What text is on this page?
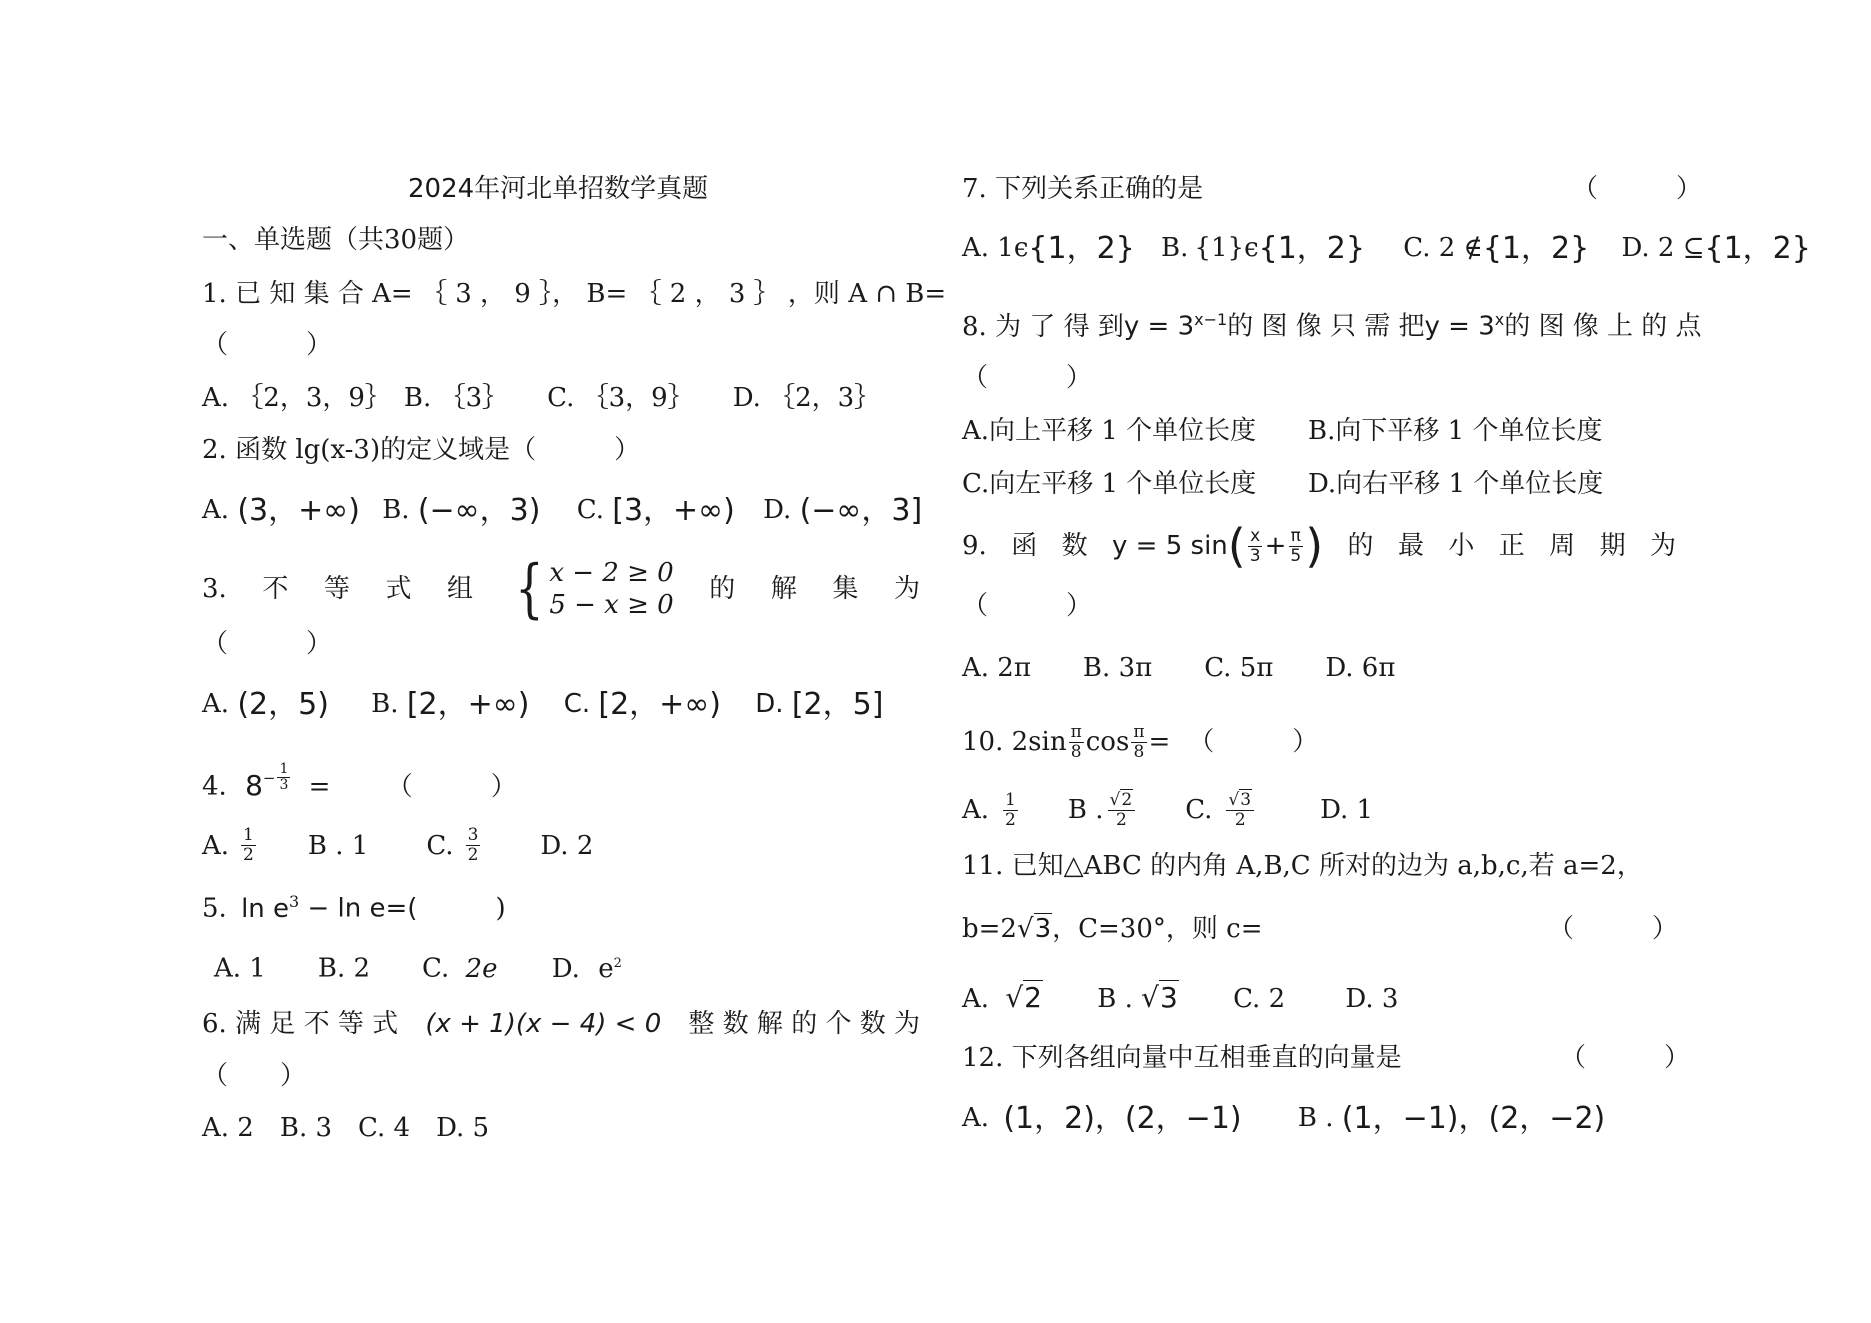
2024年河北单招数学真题
一、单选题（共30题）
1. 已 知 集 合 A= ｛ 3 ， 9 ｝， B= ｛ 2 ， 3 ｝ ，则 A ∩ B=
（　　　）
A. ｛2，3，9｝　B. ｛3｝　　C. ｛3，9｝　　D. ｛2，3｝
2. 函数 lg(x-3)的定义域是（　　　）
A. (3，+∞) B. (−∞，3) C. [3，+∞) D. (−∞，3]
3. 不 等 式 组 { x − 2 ≥ 0
5 − x ≥ 0
的 解 集 为
（　　　）
A. (2，5) B. [2，+∞) C. [2，+∞) D. [2，5]
4. $8 - \frac{1}{3}$ = （　　　）
A. $\frac{1}{2}$ B . 1 C. $\frac{3}{2} D$. 2
5. $\ln e^3 - \ln e=$(　　　)
A. 1　　B. 2　　C. 2e D. $e^2$
6. 满 足 不 等 式 (x + 1)(x − 4) < 0 整 数 解 的 个 数 为
（　　）
A. 2　B. 3　C. 4　D. 5
7. 下列关系正确的是	（　　　）
A. 1ϵ{1，2} B. {1}ϵ{1，2} C. 2 ∉{1，2} D. 2 ⊆{1，2}
8. 为 了 得 到 $y = 3^{x-1}$的 图 像 只 需 把 $y = 3^x$的 图 像 上 的 点
（　　　）
A.向上平移 1 个单位长度 B.向下平移 1 个单位长度
C.向左平移 1 个单位长度 D.向右平移 1 个单位长度
9. 函 数 y = 5 sin ( $\frac{x}{3} + \frac{\pi}{5}$ ) 的 最 小 正 周 期 为
（　　　）
A. 2π　　B. 3π　　C. 5π　　D. 6π
10. $2\sin \frac{\pi}{8}$ $\cos \frac{\pi}{8}$ = （　　　）
A. $\frac{1}{2}$ B . $\frac{√2}{2} C$. $\frac{√3}{2}$	D. 1
11. 已知△ABC 的内角 A,B,C 所对的边为 a,b,c,若 a=2，
b=2√3，C=30°，则 c=	（　　　）
A. √2 B . √3 C. 2 D. 3
12. 下列各组向量中互相垂直的向量是	（　　　）
A. (1，2)，(2，−1) B . (1，−1)，(2，−2)
